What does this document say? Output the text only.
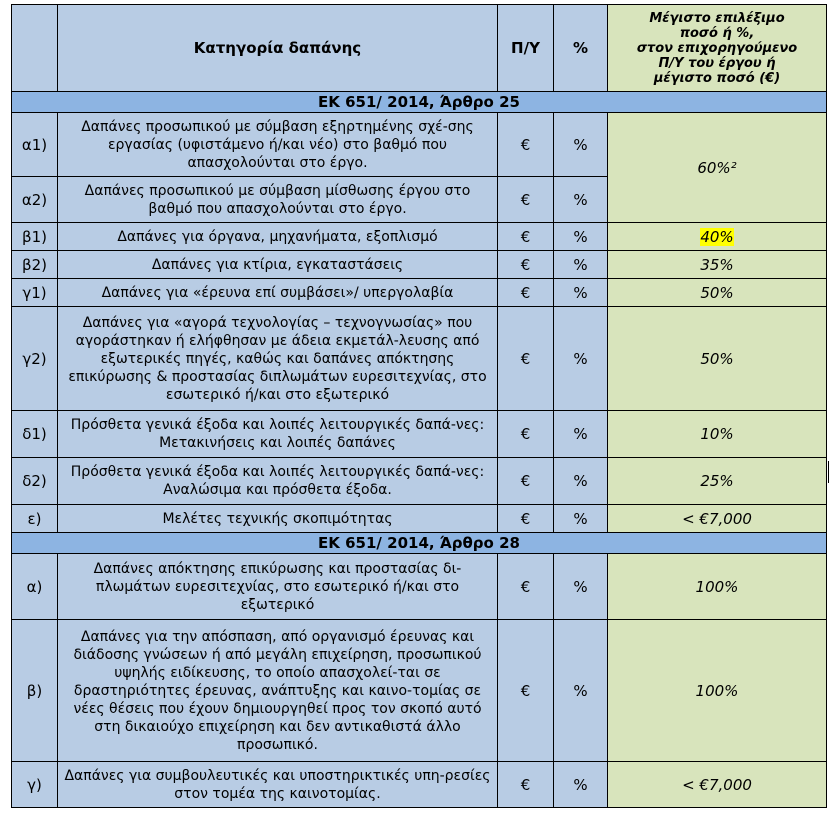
	Κατηγορία δαπάνης	Π/Υ	%	Μέγιστο επιλέξιμο
ποσό ή %,
στον επιχορηγούμενο
Π/Υ του έργου ή
μέγιστο ποσό (€)

ΕΚ 651/ 2014, Άρθρο 25				
α1)	Δαπάνες προσωπικού με σύμβαση εξηρτημένης σχέ-σης εργασίας (υφιστάμενο ή/και νέο) στο βαθμό που απασχολούνται στο έργο.	€	%	60%²
α2)	Δαπάνες προσωπικού με σύμβαση μίσθωσης έργου στο βαθμό που απασχολούνται στο έργο.	€	%	
β1)	Δαπάνες για όργανα, μηχανήματα, εξοπλισμό	€	%	40%
β2)	Δαπάνες για κτίρια, εγκαταστάσεις	€	%	35%
γ1)	Δαπάνες για «έρευνα επί συμβάσει»/ υπεργολαβία	€	%	50%
γ2)	Δαπάνες για «αγορά τεχνολογίας – τεχνογνωσίας» που αγοράστηκαν ή ελήφθησαν με άδεια εκμετάλ-λευσης από εξωτερικές πηγές, καθώς και δαπάνες απόκτησης επικύρωσης & προστασίας διπλωμάτων ευρεσιτεχνίας, στο εσωτερικό ή/και στο εξωτερικό	€	%	50%
δ1)	Πρόσθετα γενικά έξοδα και λοιπές λειτουργικές δαπά-νες: Μετακινήσεις και λοιπές δαπάνες	€	%	10%
δ2)	Πρόσθετα γενικά έξοδα και λοιπές λειτουργικές δαπά-νες: Αναλώσιμα και πρόσθετα έξοδα.	€	%	25%
ε)	Μελέτες τεχνικής σκοπιμότητας	€	%	< €7,000
ΕΚ 651/ 2014, Άρθρο 28				
α)	Δαπάνες απόκτησης επικύρωσης και προστασίας δι-πλωμάτων ευρεσιτεχνίας, στο εσωτερικό ή/και στο εξωτερικό	€	%	100%
β)	Δαπάνες για την απόσπαση, από οργανισμό έρευνας και διάδοσης γνώσεων ή από μεγάλη επιχείρηση, προσωπικού υψηλής ειδίκευσης, το οποίο απασχολεί-ται σε δραστηριότητες έρευνας, ανάπτυξης και καινο-τομίας σε νέες θέσεις που έχουν δημιουργηθεί προς τον σκοπό αυτό στη δικαιούχο επιχείρηση και δεν αντικαθιστά άλλο προσωπικό.	€	%	100%
γ)	Δαπάνες για συμβουλευτικές και υποστηρικτικές υπη-ρεσίες στον τομέα της καινοτομίας.	€	%	< €7,000
